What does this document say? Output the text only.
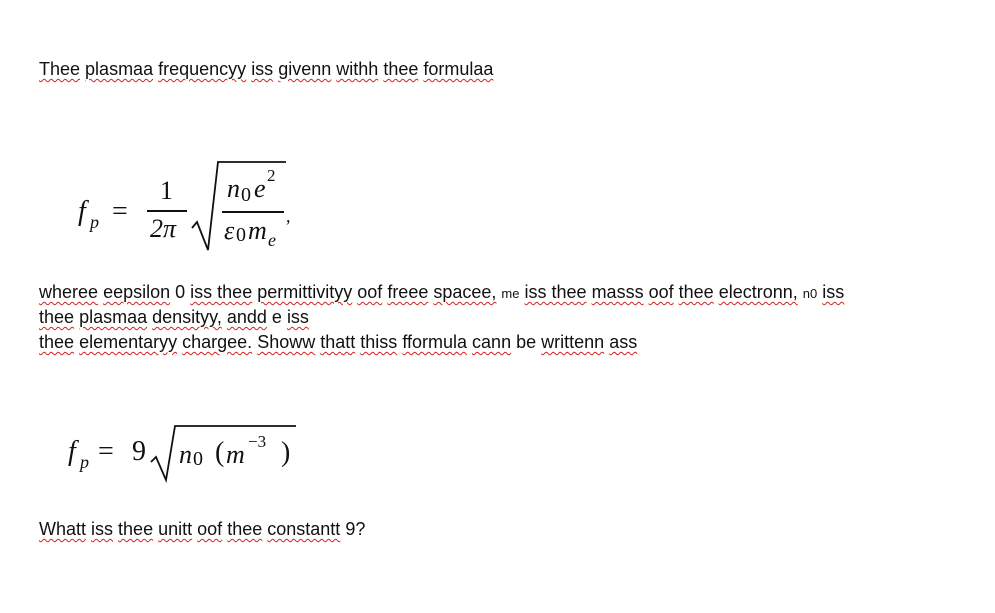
Thee plasmaa frequencyy iss givenn withh thee formulaa
f p =
1
2π
n 0 e 2
ε 0 m e
,
wheree eepsilon 0 iss thee permittivityy oof freee spacee, me iss thee masss oof thee electronn, n0 iss
thee plasmaa densityy, andd e iss
thee elementaryy chargee. Showw thatt thiss fformula cann be writtenn ass
f p = 9 n 0 ( m −3 )
Whatt iss thee unitt oof thee constantt 9?
